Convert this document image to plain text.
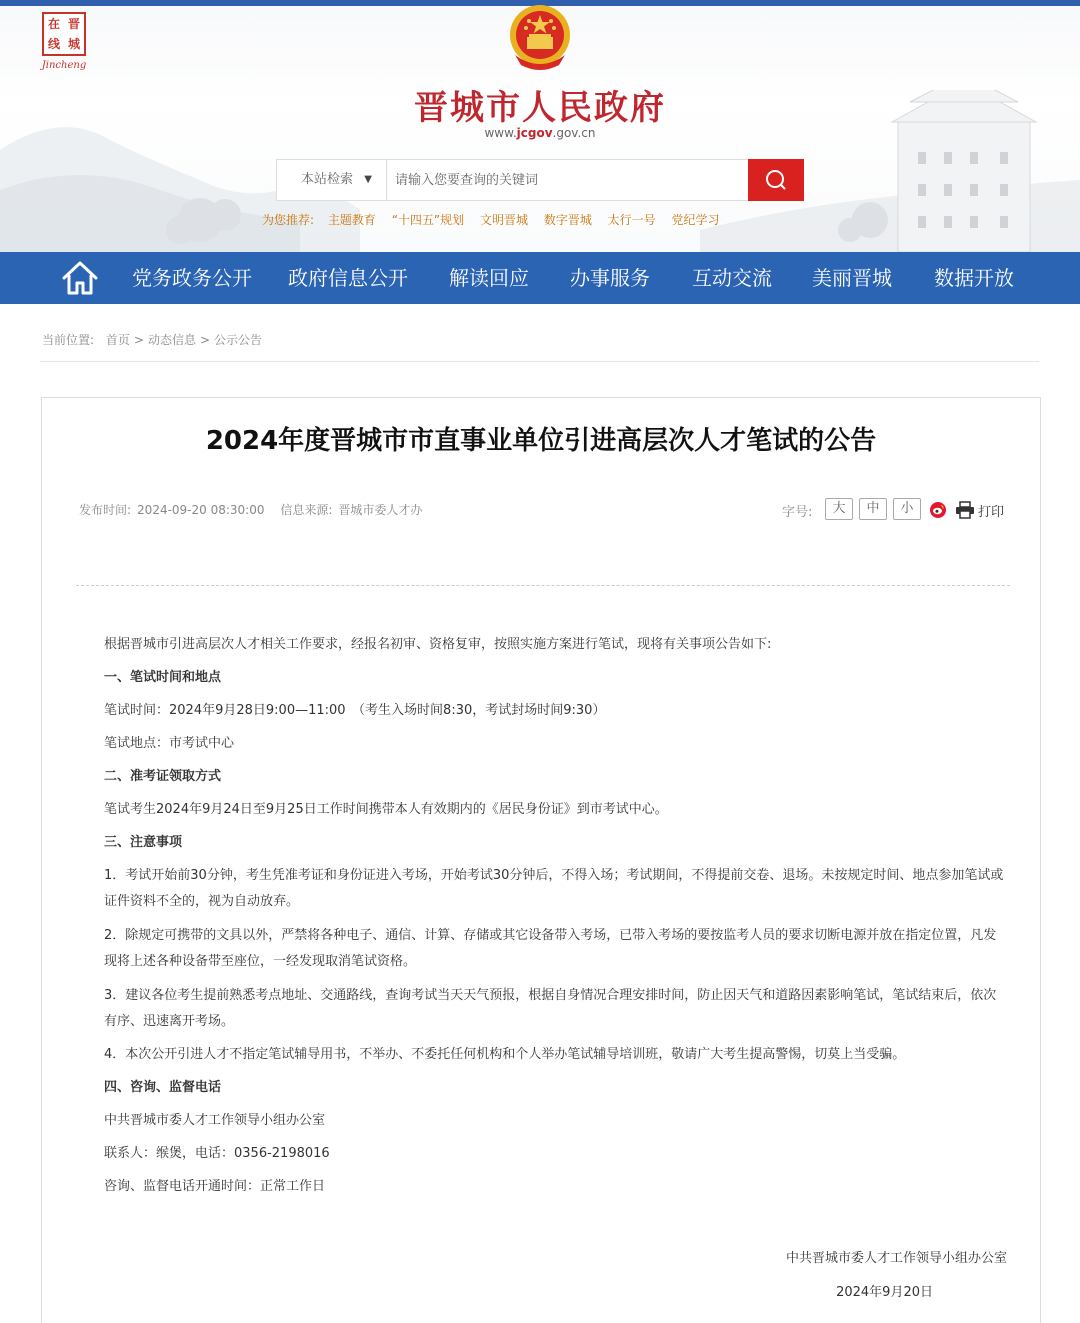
在 晋
线 城
Jincheng
晋城市人民政府
www.jcgov.gov.cn
本站检索 ▼
请输入您要查询的关键词
为您推荐: 主题教育 “十四五”规划 文明晋城 数字晋城 太行一号 党纪学习
党务政务公开 政府信息公开 解读回应 办事服务 互动交流 美丽晋城 数据开放
当前位置: 首页 > 动态信息 > 公示公告
2024年度晋城市市直事业单位引进高层次人才笔试的公告
发布时间: 2024-09-20 08:30:00 信息来源: 晋城市委人才办	字号:	大	中	小	打印

根据晋城市引进高层次人才相关工作要求，经报名初审、资格复审，按照实施方案进行笔试，现将有关事项公告如下:

一、笔试时间和地点

笔试时间：2024年9月28日9:00—11:00　（考生入场时间8:30，考试封场时间9:30）

笔试地点：市考试中心

二、准考证领取方式

笔试考生2024年9月24日至9月25日工作时间携带本人有效期内的《居民身份证》到市考试中心。

三、注意事项

1．考试开始前30分钟，考生凭准考证和身份证进入考场，开始考试30分钟后，不得入场；考试期间，不得提前交卷、退场。未按规定时间、地点参加笔试或证件资料不全的，视为自动放弃。

2．除规定可携带的文具以外，严禁将各种电子、通信、计算、存储或其它设备带入考场，已带入考场的要按监考人员的要求切断电源并放在指定位置，凡发现将上述各种设备带至座位，一经发现取消笔试资格。

3．建议各位考生提前熟悉考点地址、交通路线，查询考试当天天气预报，根据自身情况合理安排时间，防止因天气和道路因素影响笔试，笔试结束后，依次有序、迅速离开考场。

4．本次公开引进人才不指定笔试辅导用书，不举办、不委托任何机构和个人举办笔试辅导培训班，敬请广大考生提高警惕，切莫上当受骗。

四、咨询、监督电话

中共晋城市委人才工作领导小组办公室

联系人：缑煲，电话：0356-2198016

咨询、监督电话开通时间：正常工作日

中共晋城市委人才工作领导小组办公室
2024年9月20日
